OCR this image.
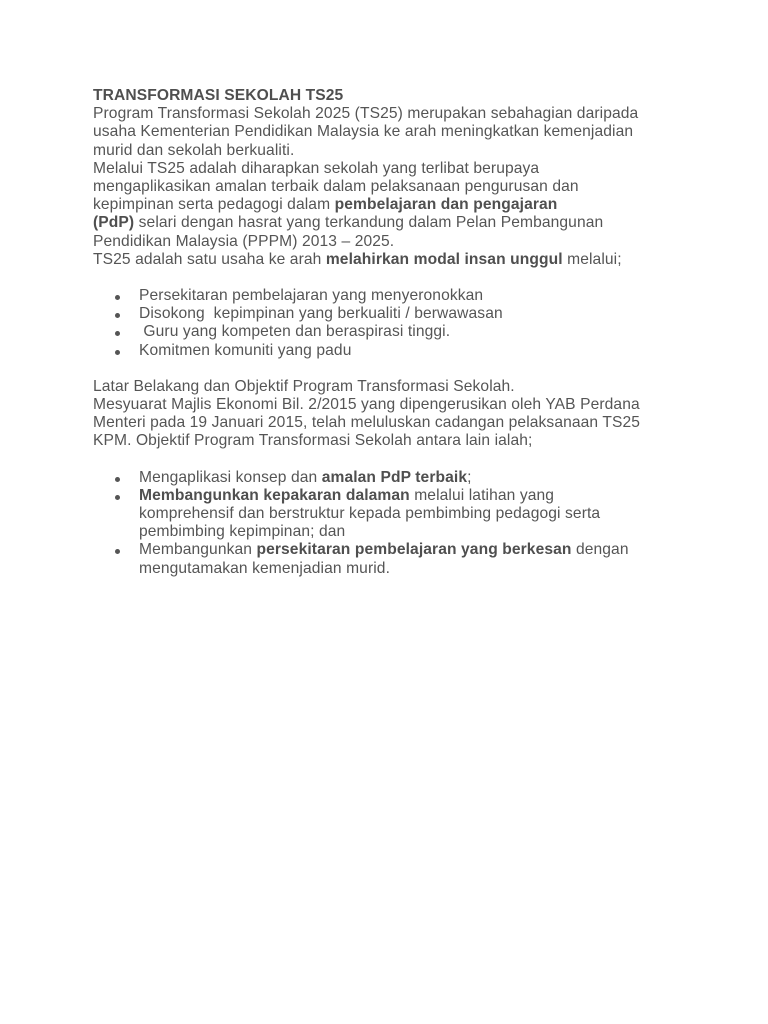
TRANSFORMASI SEKOLAH TS25
Program Transformasi Sekolah 2025 (TS25) merupakan sebahagian daripada
usaha Kementerian Pendidikan Malaysia ke arah meningkatkan kemenjadian
murid dan sekolah berkualiti.
Melalui TS25 adalah diharapkan sekolah yang terlibat berupaya
mengaplikasikan amalan terbaik dalam pelaksanaan pengurusan dan
kepimpinan serta pedagogi dalam pembelajaran dan pengajaran
(PdP) selari dengan hasrat yang terkandung dalam Pelan Pembangunan
Pendidikan Malaysia (PPPM) 2013 – 2025.
TS25 adalah satu usaha ke arah melahirkan modal insan unggul melalui;
Persekitaran pembelajaran yang menyeronokkan
Disokong  kepimpinan yang berkualiti / berwawasan
Guru yang kompeten dan beraspirasi tinggi.
Komitmen komuniti yang padu
Latar Belakang dan Objektif Program Transformasi Sekolah.
Mesyuarat Majlis Ekonomi Bil. 2/2015 yang dipengerusikan oleh YAB Perdana
Menteri pada 19 Januari 2015, telah meluluskan cadangan pelaksanaan TS25
KPM. Objektif Program Transformasi Sekolah antara lain ialah;
Mengaplikasi konsep dan amalan PdP terbaik;
Membangunkan kepakaran dalaman melalui latihan yang
komprehensif dan berstruktur kepada pembimbing pedagogi serta
pembimbing kepimpinan; dan
Membangunkan persekitaran pembelajaran yang berkesan dengan
mengutamakan kemenjadian murid.
